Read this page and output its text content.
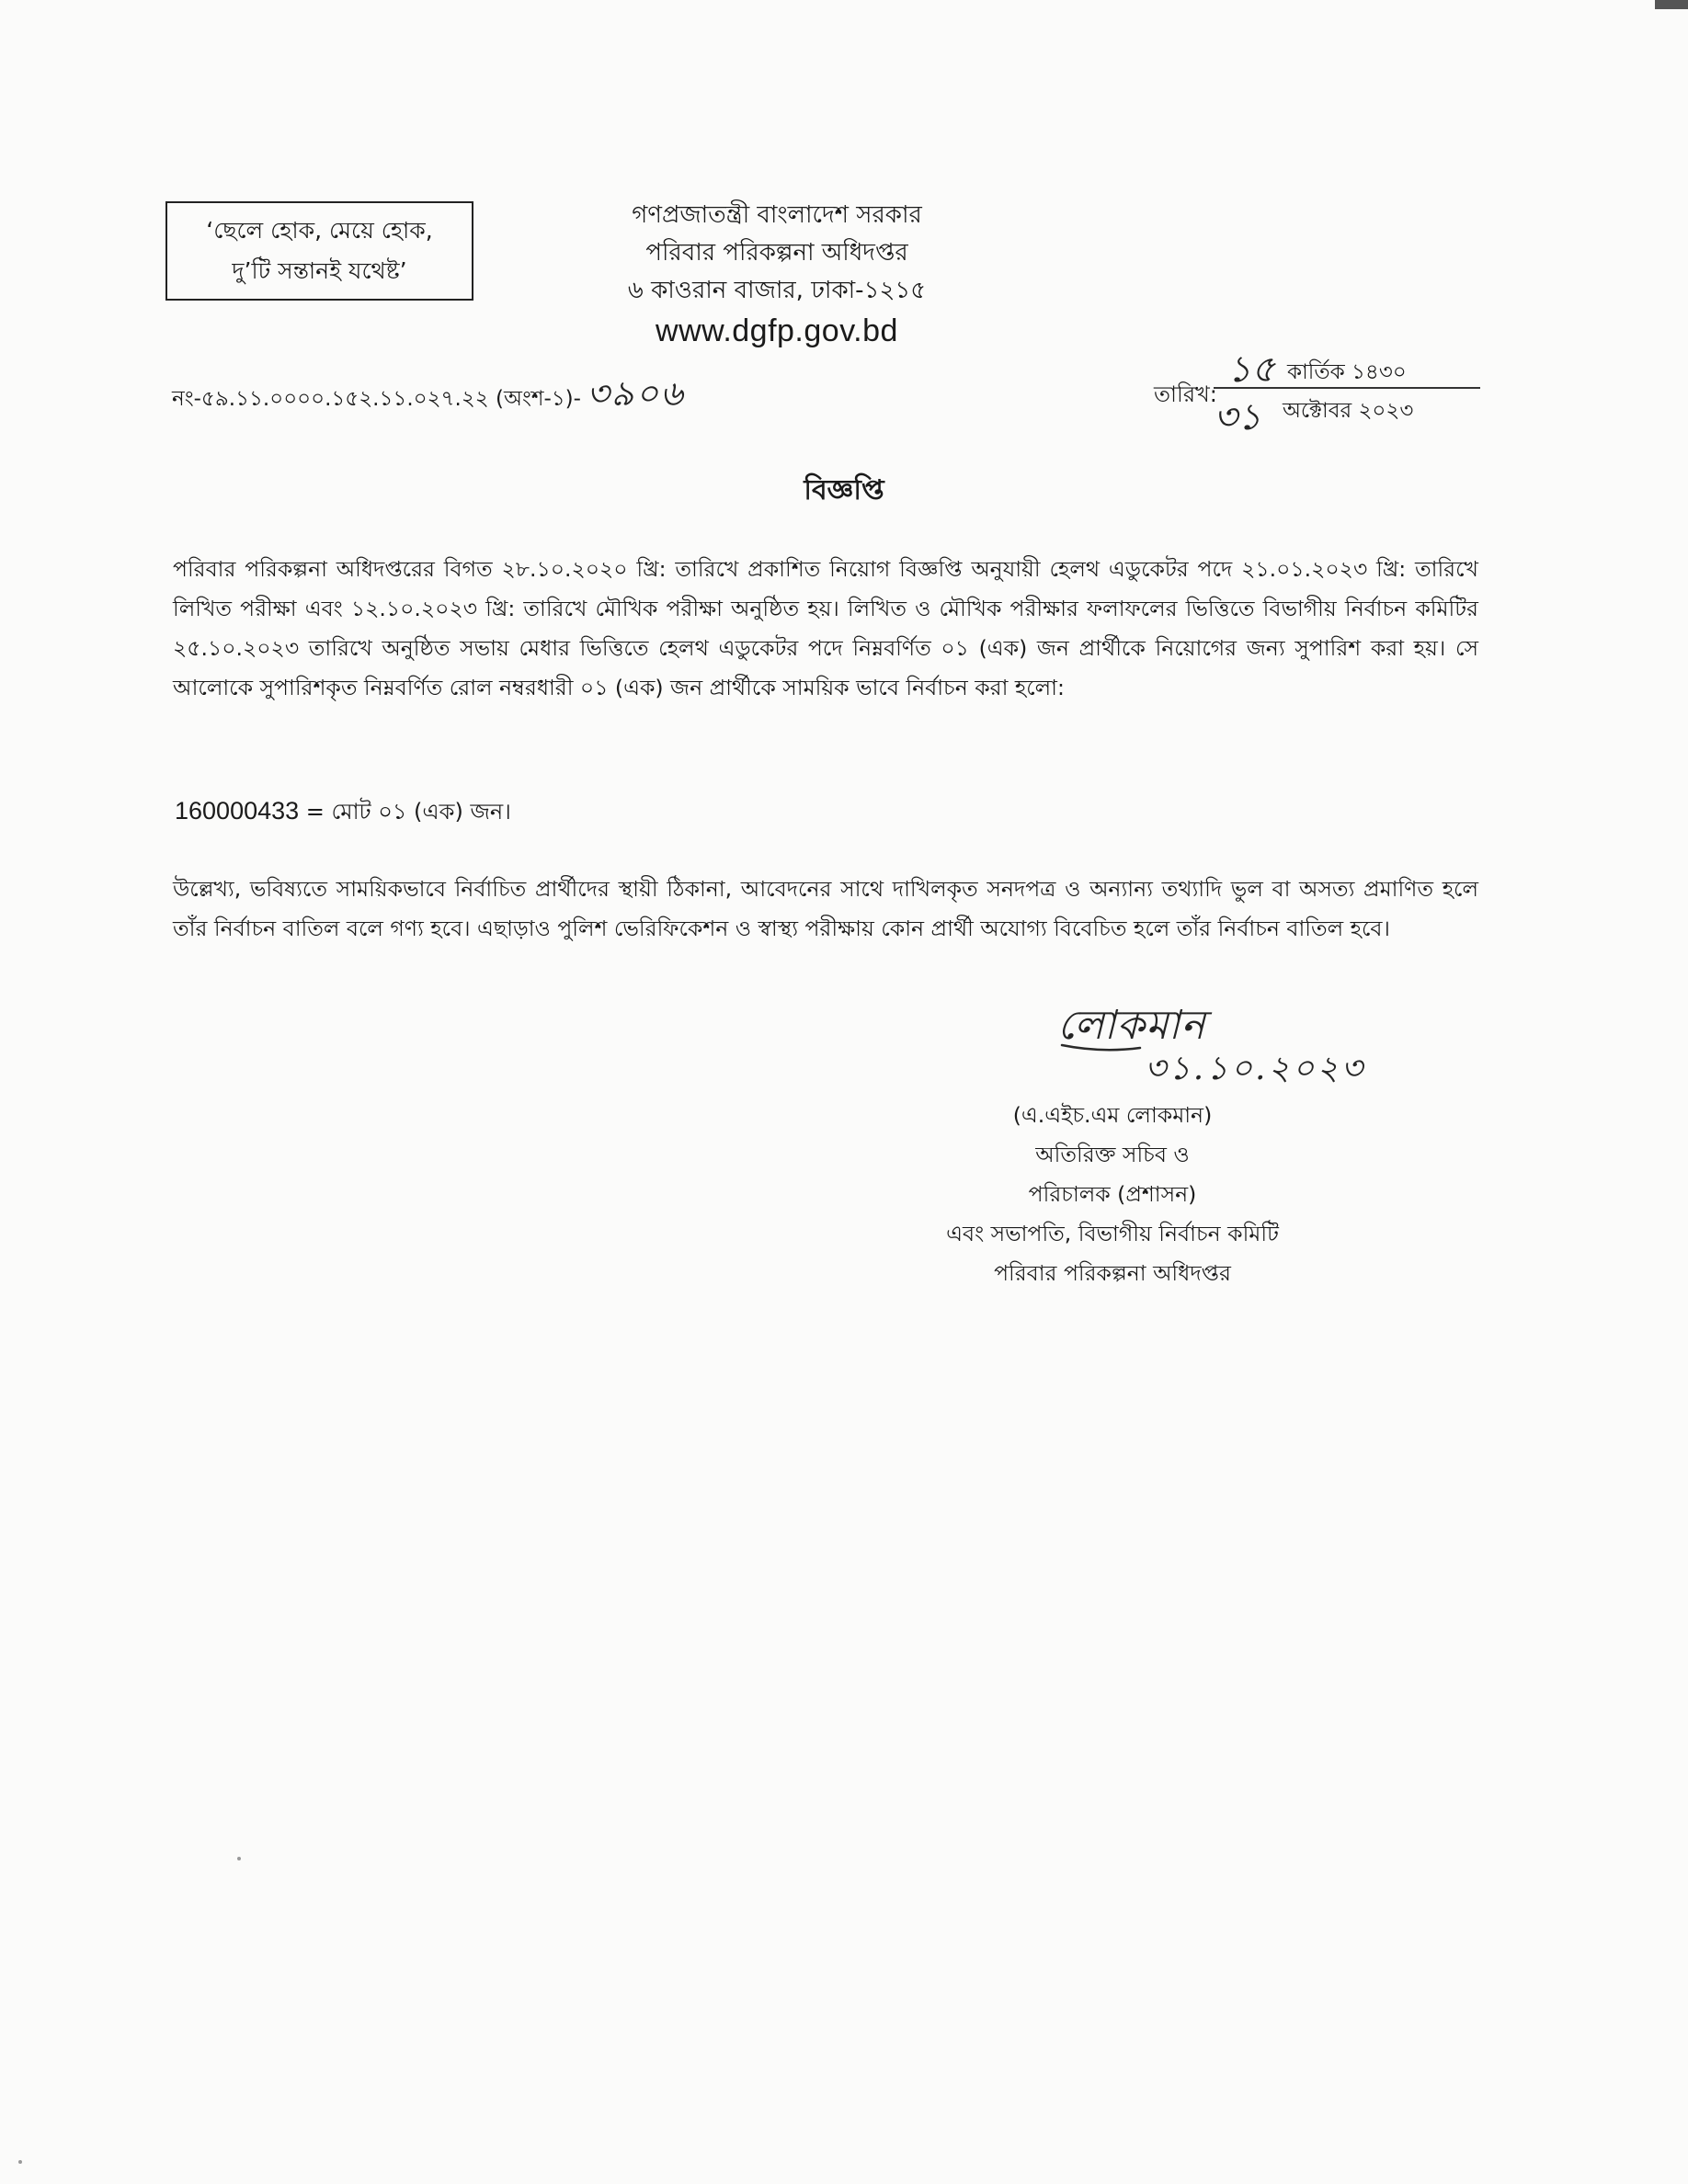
‘ছেলে হোক, মেয়ে হোক,
দু’টি সন্তানই যথেষ্ট’
গণপ্রজাতন্ত্রী বাংলাদেশ সরকার
পরিবার পরিকল্পনা অধিদপ্তর
৬ কাওরান বাজার, ঢাকা-১২১৫
www.dgfp.gov.bd
নং-৫৯.১১.০০০০.১৫২.১১.০২৭.২২ (অংশ-১)- ৩৯০৬	তারিখ:
১৫ কার্তিক ১৪৩০
৩১ অক্টোবর ২০২৩
বিজ্ঞপ্তি
পরিবার পরিকল্পনা অধিদপ্তরের বিগত ২৮.১০.২০২০ খ্রি: তারিখে প্রকাশিত নিয়োগ বিজ্ঞপ্তি অনুযায়ী হেলথ এডুকেটর পদে ২১.০১.২০২৩ খ্রি: তারিখে লিখিত পরীক্ষা এবং ১২.১০.২০২৩ খ্রি: তারিখে মৌখিক পরীক্ষা অনুষ্ঠিত হয়। লিখিত ও মৌখিক পরীক্ষার ফলাফলের ভিত্তিতে বিভাগীয় নির্বাচন কমিটির ২৫.১০.২০২৩ তারিখে অনুষ্ঠিত সভায় মেধার ভিত্তিতে হেলথ এডুকেটর পদে নিম্নবর্ণিত ০১ (এক) জন প্রার্থীকে নিয়োগের জন্য সুপারিশ করা হয়। সে আলোকে সুপারিশকৃত নিম্নবর্ণিত রোল নম্বরধারী ০১ (এক) জন প্রার্থীকে সাময়িক ভাবে নির্বাচন করা হলো:
160000433 = মোট ০১ (এক) জন।
উল্লেখ্য, ভবিষ্যতে সাময়িকভাবে নির্বাচিত প্রার্থীদের স্থায়ী ঠিকানা, আবেদনের সাথে দাখিলকৃত সনদপত্র ও অন্যান্য তথ্যাদি ভুল বা অসত্য প্রমাণিত হলে তাঁর নির্বাচন বাতিল বলে গণ্য হবে। এছাড়াও পুলিশ ভেরিফিকেশন ও স্বাস্থ্য পরীক্ষায় কোন প্রার্থী অযোগ্য বিবেচিত হলে তাঁর নির্বাচন বাতিল হবে।
লোকমান
৩১.১০.২০২৩
(এ.এইচ.এম লোকমান)
অতিরিক্ত সচিব ও
পরিচালক (প্রশাসন)
এবং সভাপতি, বিভাগীয় নির্বাচন কমিটি
পরিবার পরিকল্পনা অধিদপ্তর
